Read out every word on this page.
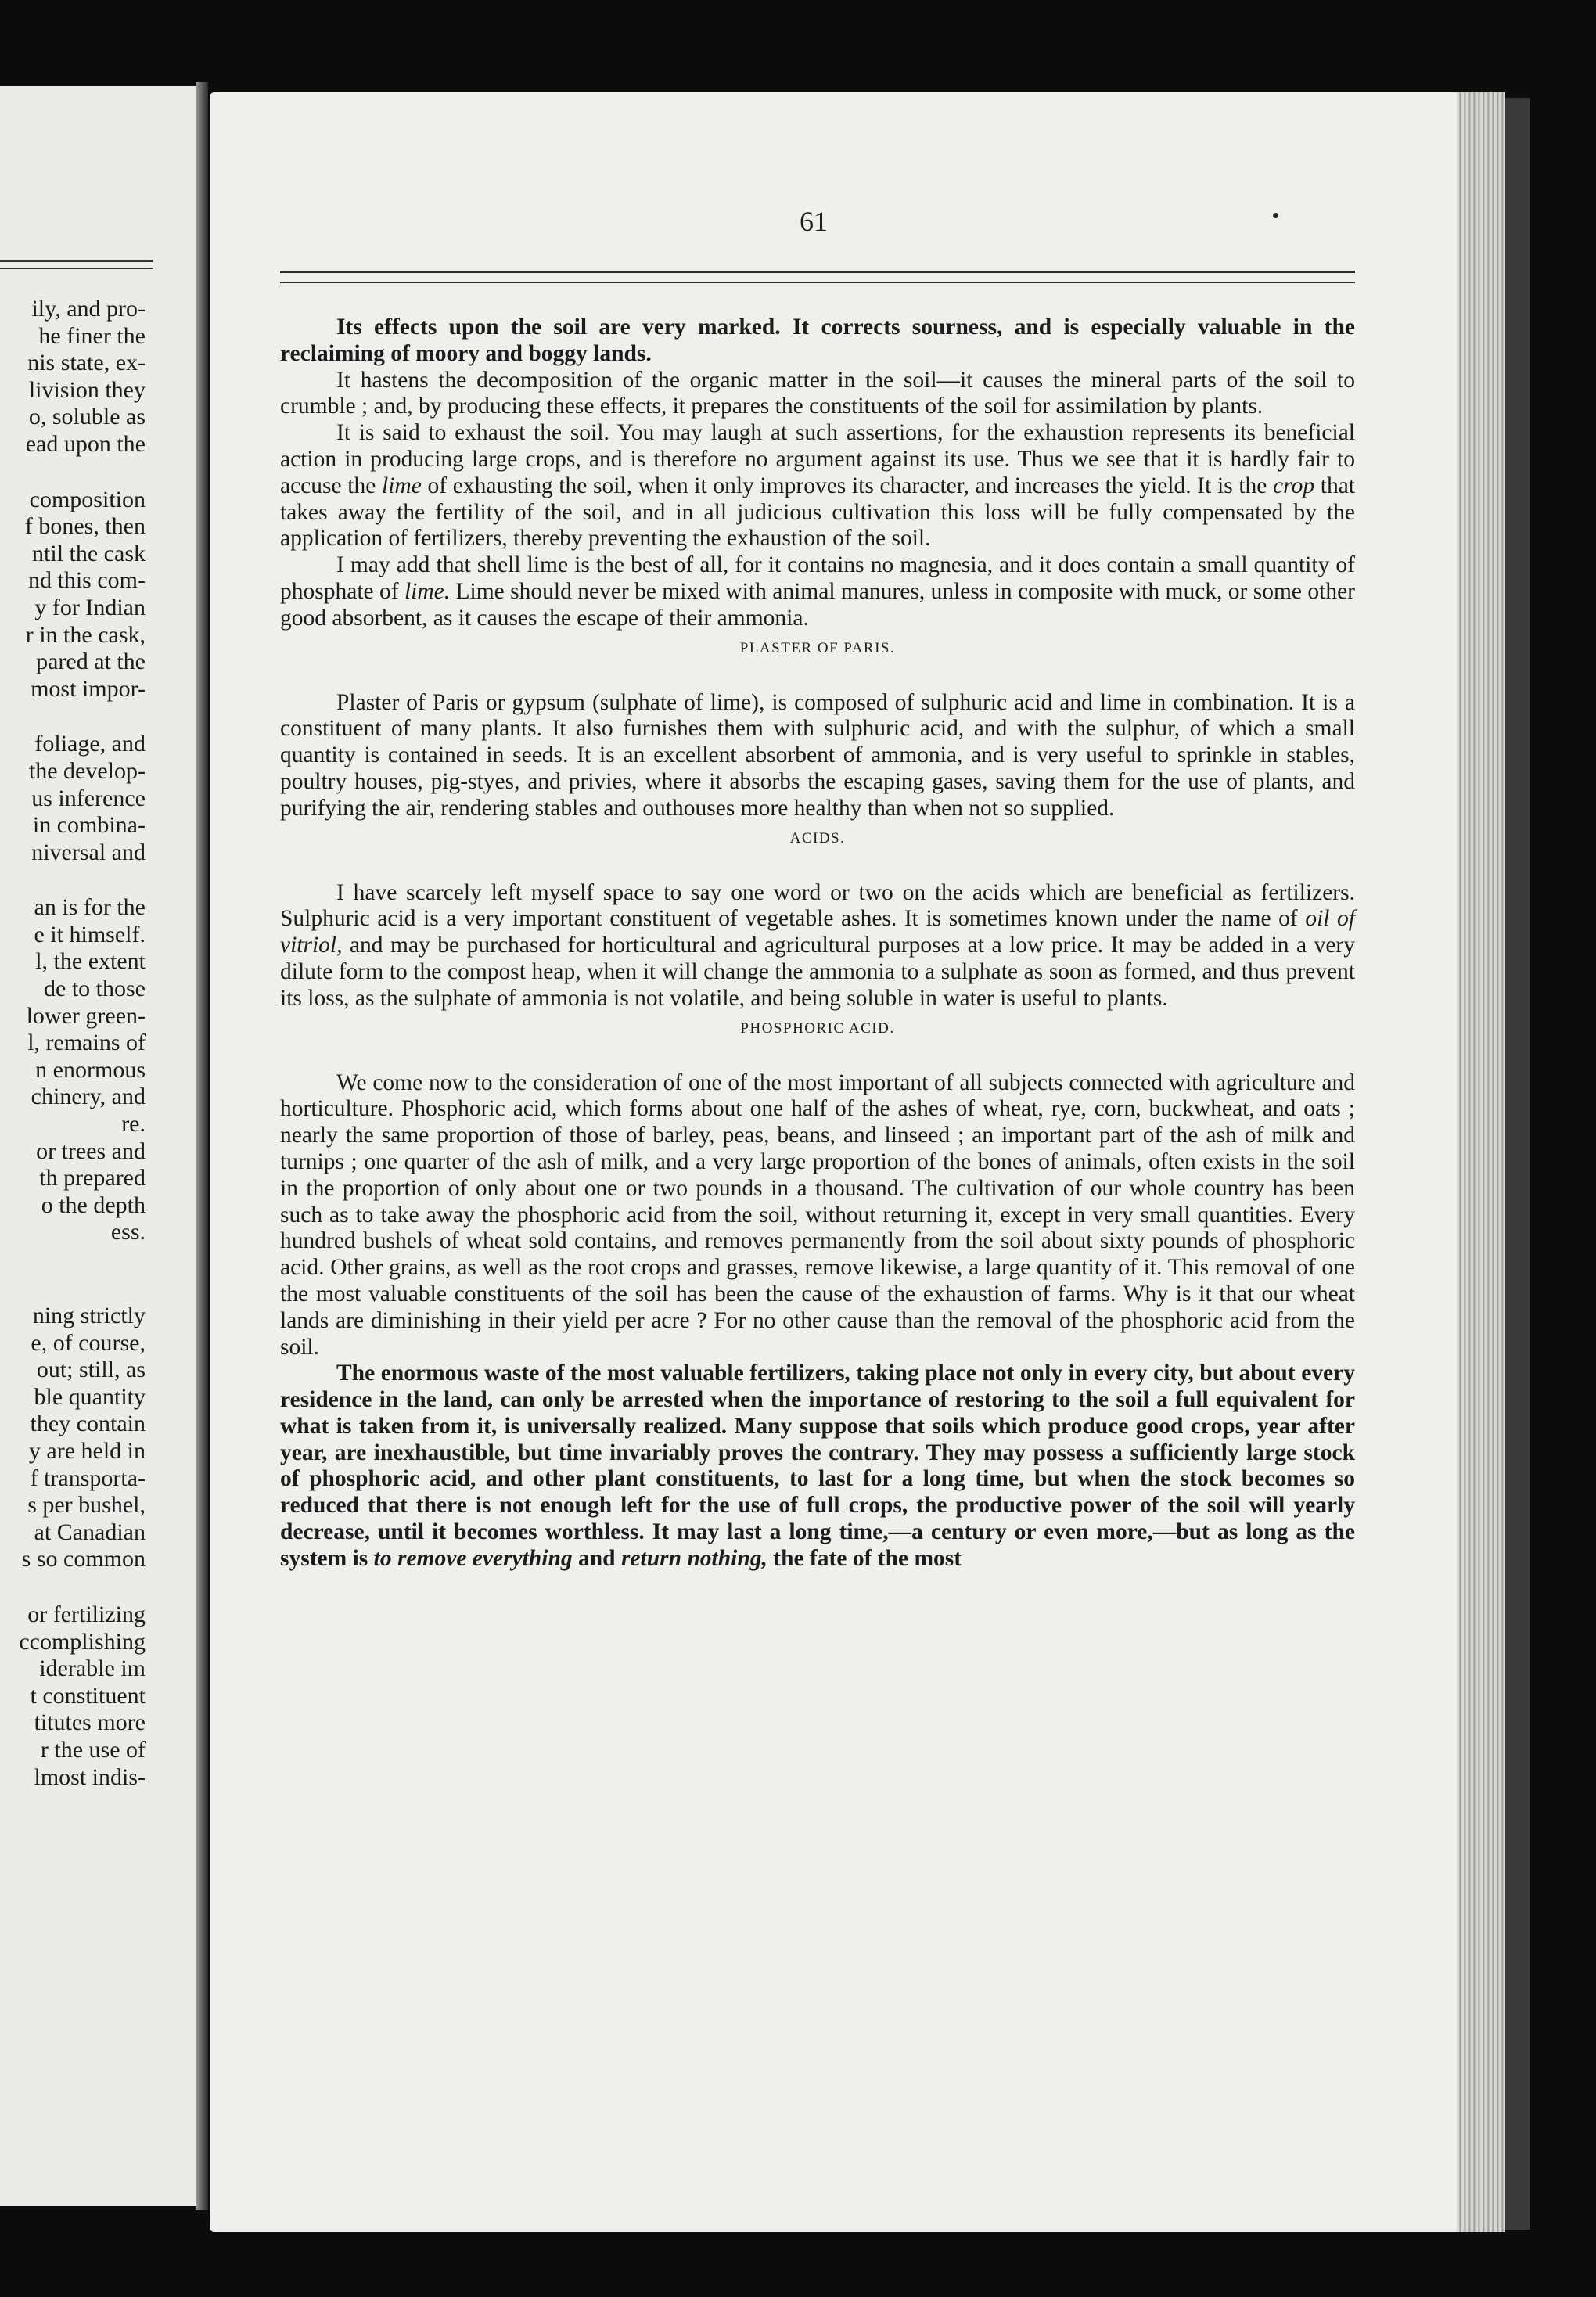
ily, and pro-
he finer the
nis state, ex-
livision they
o, soluble as
ead upon the

composition
f bones, then
ntil the cask
nd this com-
y for Indian
r in the cask,
pared at the
most impor-

foliage, and
the develop-
us inference
in combina-
niversal and

an is for the
e it himself.
l, the extent
de to those
lower green-
l, remains of
n enormous
chinery, and
re.
or trees and
th prepared
o the depth
ess.

ning strictly
e, of course,
out; still, as
ble quantity
they contain
y are held in
f transporta-
s per bushel,
at Canadian
s so common

or fertilizing
ccomplishing
iderable im
t constituent
titutes more
r the use of
lmost indis-
61

Its effects upon the soil are very marked. It corrects sourness, and is especially valuable in the reclaiming of moory and boggy lands.

It hastens the decomposition of the organic matter in the soil—it causes the mineral parts of the soil to crumble ; and, by producing these effects, it prepares the constituents of the soil for assimilation by plants.

It is said to exhaust the soil. You may laugh at such assertions, for the exhaustion represents its beneficial action in producing large crops, and is therefore no argument against its use. Thus we see that it is hardly fair to accuse the lime of exhausting the soil, when it only improves its character, and increases the yield. It is the crop that takes away the fertility of the soil, and in all judicious cultivation this loss will be fully compensated by the application of fertilizers, thereby preventing the exhaustion of the soil.

I may add that shell lime is the best of all, for it contains no magnesia, and it does contain a small quantity of phosphate of lime. Lime should never be mixed with animal manures, unless in composite with muck, or some other good absorbent, as it causes the escape of their ammonia.

PLASTER OF PARIS.

Plaster of Paris or gypsum (sulphate of lime), is composed of sulphuric acid and lime in combination. It is a constituent of many plants. It also furnishes them with sulphuric acid, and with the sulphur, of which a small quantity is contained in seeds. It is an excellent absorbent of ammonia, and is very useful to sprinkle in stables, poultry houses, pig-styes, and privies, where it absorbs the escaping gases, saving them for the use of plants, and purifying the air, rendering stables and outhouses more healthy than when not so supplied.

ACIDS.

I have scarcely left myself space to say one word or two on the acids which are beneficial as fertilizers. Sulphuric acid is a very important constituent of vegetable ashes. It is sometimes known under the name of oil of vitriol, and may be purchased for horticultural and agricultural purposes at a low price. It may be added in a very dilute form to the compost heap, when it will change the ammonia to a sulphate as soon as formed, and thus prevent its loss, as the sulphate of ammonia is not volatile, and being soluble in water is useful to plants.

PHOSPHORIC ACID.

We come now to the consideration of one of the most important of all subjects connected with agriculture and horticulture. Phosphoric acid, which forms about one half of the ashes of wheat, rye, corn, buckwheat, and oats ; nearly the same proportion of those of barley, peas, beans, and linseed ; an important part of the ash of milk and turnips ; one quarter of the ash of milk, and a very large proportion of the bones of animals, often exists in the soil in the proportion of only about one or two pounds in a thousand. The cultivation of our whole country has been such as to take away the phosphoric acid from the soil, without returning it, except in very small quantities. Every hundred bushels of wheat sold contains, and removes permanently from the soil about sixty pounds of phosphoric acid. Other grains, as well as the root crops and grasses, remove likewise, a large quantity of it. This removal of one the most valuable constituents of the soil has been the cause of the exhaustion of farms. Why is it that our wheat lands are diminishing in their yield per acre ? For no other cause than the removal of the phosphoric acid from the soil.

The enormous waste of the most valuable fertilizers, taking place not only in every city, but about every residence in the land, can only be arrested when the importance of restoring to the soil a full equivalent for what is taken from it, is universally realized. Many suppose that soils which produce good crops, year after year, are inexhaustible, but time invariably proves the contrary. They may possess a sufficiently large stock of phosphoric acid, and other plant constituents, to last for a long time, but when the stock becomes so reduced that there is not enough left for the use of full crops, the productive power of the soil will yearly decrease, until it becomes worthless. It may last a long time,—a century or even more,—but as long as the system is to remove everything and return nothing, the fate of the most
